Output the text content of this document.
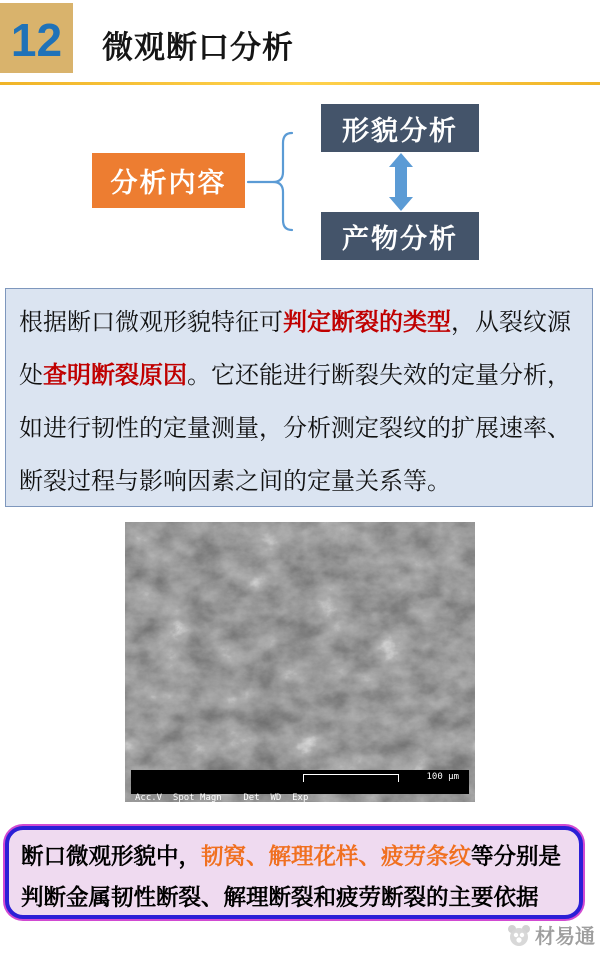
12 微观断口分析
分析内容
形貌分析
产物分析
根据断口微观形貌特征可判定断裂的类型，从裂纹源处查明断裂原因。它还能进行断裂失效的定量分析，如进行韧性的定量测量，分析测定裂纹的扩展速率、断裂过程与影响因素之间的定量关系等。

Acc.V  Spot Magn    Det  WD  Exp

100 μm

断口微观形貌中，韧窝、解理花样、疲劳条纹等分别是判断金属韧性断裂、解理断裂和疲劳断裂的主要依据
材易通
